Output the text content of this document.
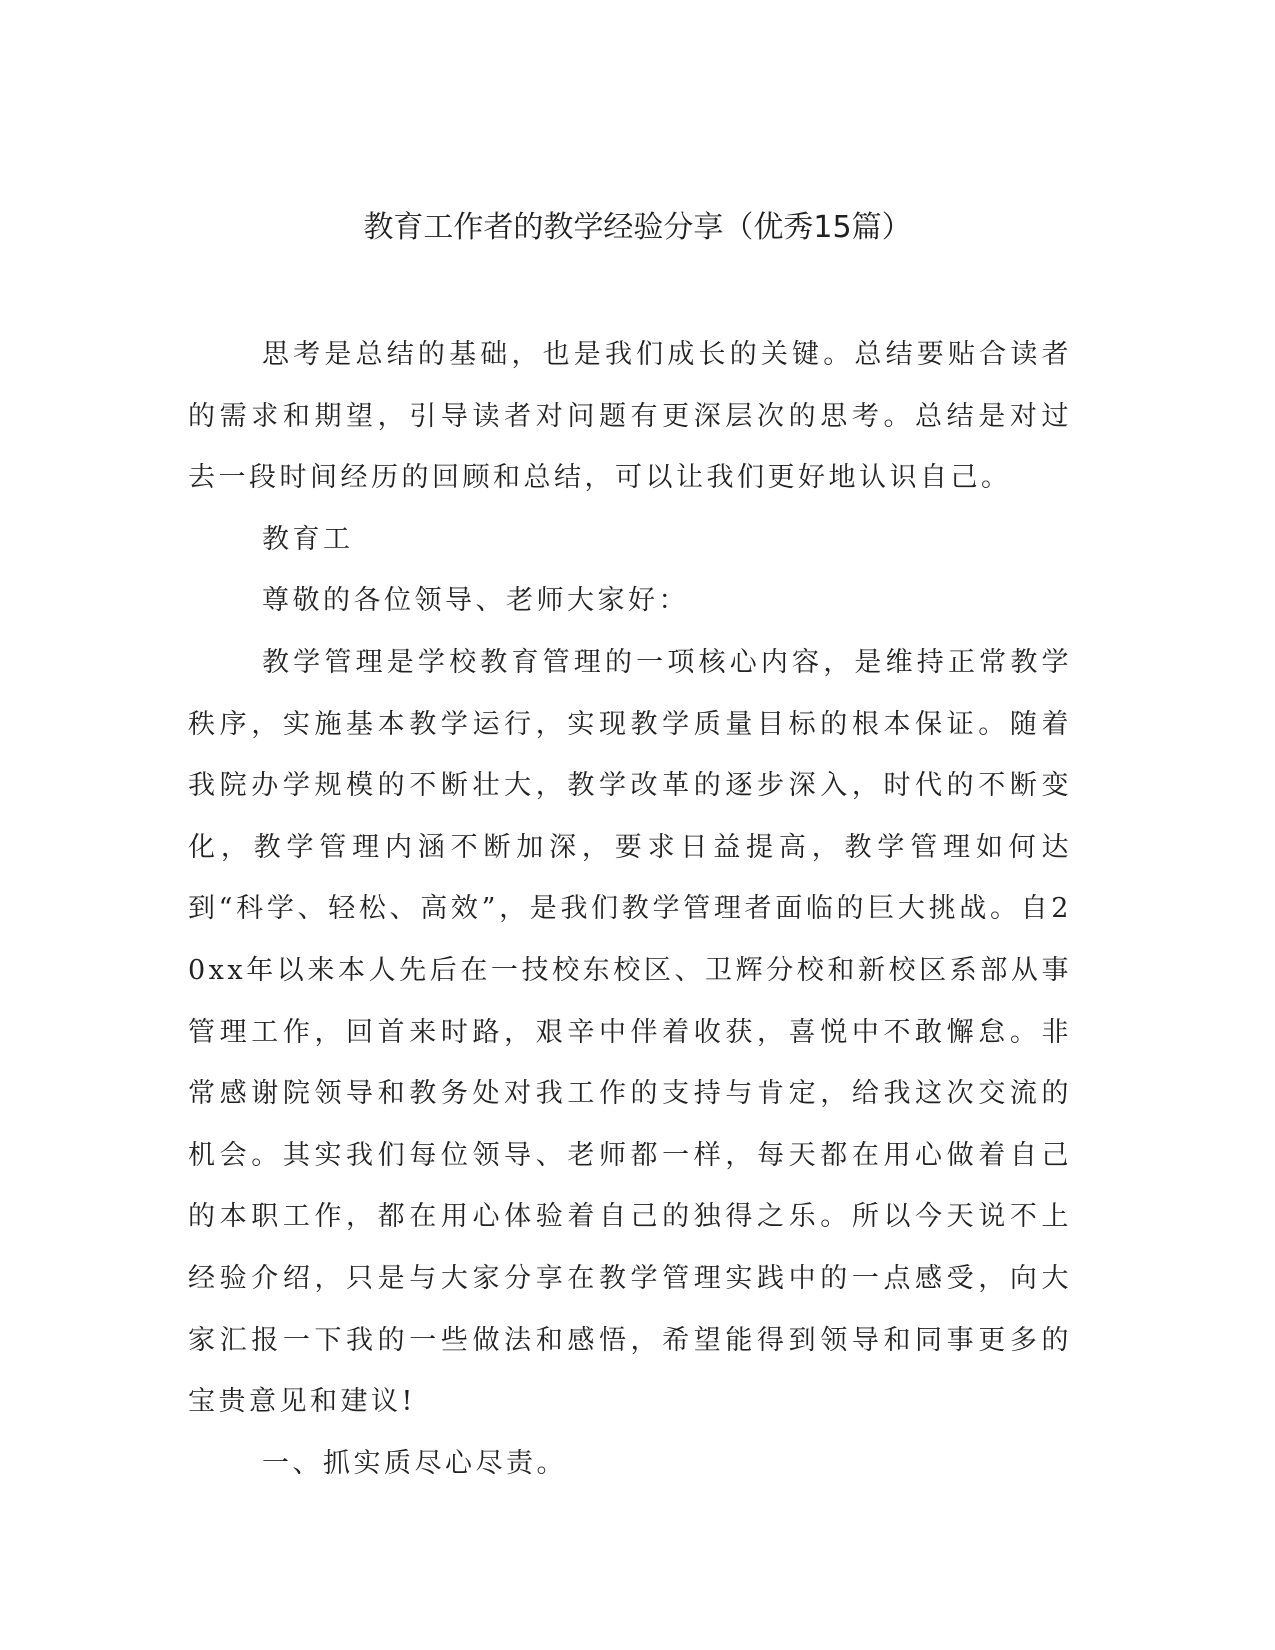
教育工作者的教学经验分享（优秀15篇）

思考是总结的基础，也是我们成长的关键。总结要贴合读者的需求和期望，引导读者对问题有更深层次的思考。总结是对过去一段时间经历的回顾和总结，可以让我们更好地认识自己。

教育工

尊敬的各位领导、老师大家好：

教学管理是学校教育管理的一项核心内容，是维持正常教学秩序，实施基本教学运行，实现教学质量目标的根本保证。随着我院办学规模的不断壮大，教学改革的逐步深入，时代的不断变化，教学管理内涵不断加深，要求日益提高，教学管理如何达到“科学、轻松、高效”，是我们教学管理者面临的巨大挑战。自20xx年以来本人先后在一技校东校区、卫辉分校和新校区系部从事管理工作，回首来时路，艰辛中伴着收获，喜悦中不敢懈怠。非常感谢院领导和教务处对我工作的支持与肯定，给我这次交流的机会。其实我们每位领导、老师都一样，每天都在用心做着自己的本职工作，都在用心体验着自己的独得之乐。所以今天说不上经验介绍，只是与大家分享在教学管理实践中的一点感受，向大家汇报一下我的一些做法和感悟，希望能得到领导和同事更多的宝贵意见和建议!

一、抓实质尽心尽责。
